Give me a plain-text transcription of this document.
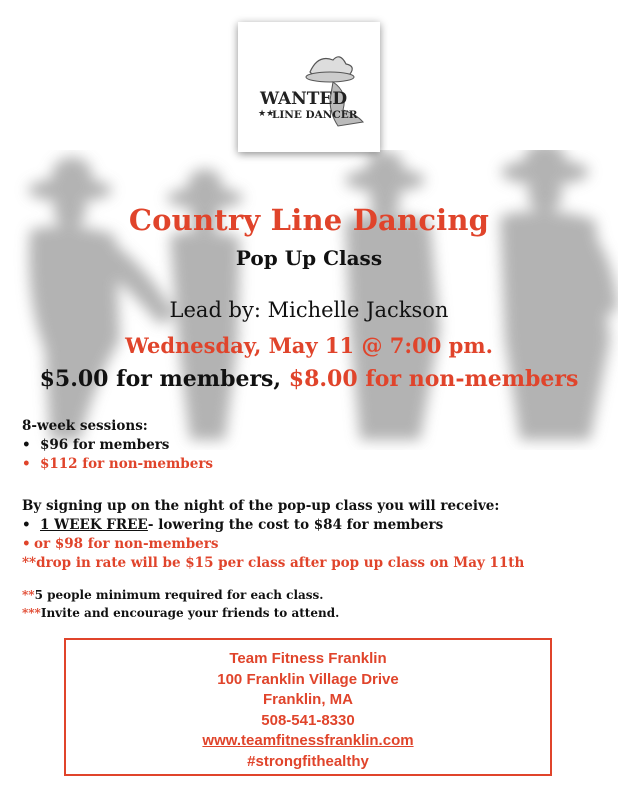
WANTED
★★
LINE DANCER
Country Line Dancing
Pop Up Class
Lead by: Michelle Jackson
Wednesday, May 11 @ 7:00 pm.
$5.00 for members, $8.00 for non-members
8-week sessions:
• $96 for members
• $112 for non-members
By signing up on the night of the pop-up class you will receive:
• 1 WEEK FREE- lowering the cost to $84 for members
• or $98 for non-members
**drop in rate will be $15 per class after pop up class on May 11th
**5 people minimum required for each class.
***Invite and encourage your friends to attend.
Team Fitness Franklin
100 Franklin Village Drive
Franklin, MA
508-541-8330
www.teamfitnessfranklin.com
#strongfithealthy
